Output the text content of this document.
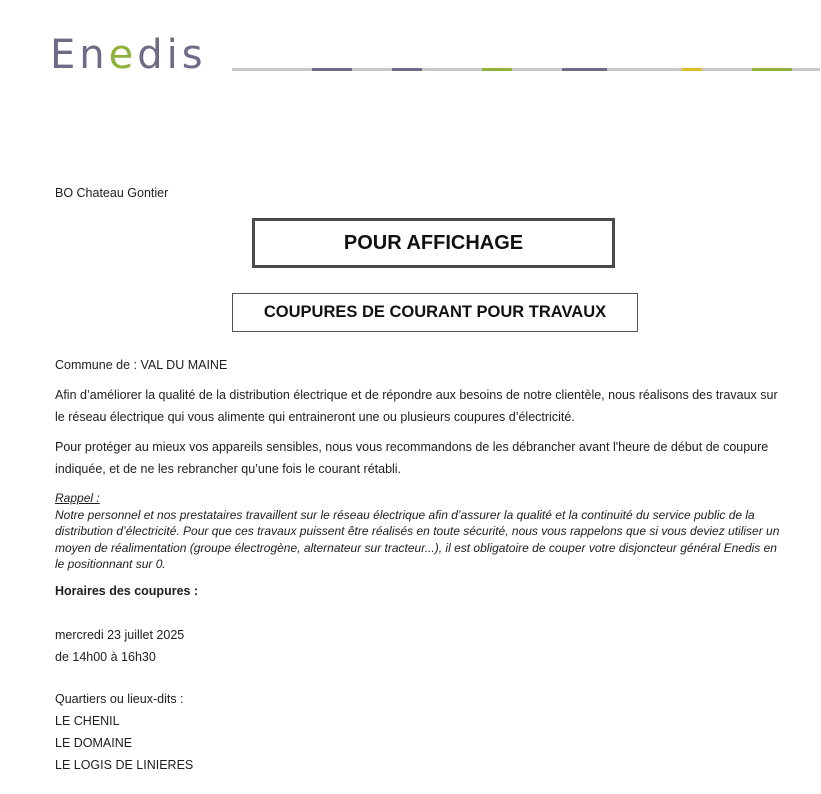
Enedis
BO Chateau Gontier
POUR AFFICHAGE
COUPURES DE COURANT POUR TRAVAUX
Commune de : VAL DU MAINE
Afin d’améliorer la qualité de la distribution électrique et de répondre aux besoins de notre clientèle, nous réalisons des travaux sur le réseau électrique qui vous alimente qui entraineront une ou plusieurs coupures d’électricité.
Pour protéger au mieux vos appareils sensibles, nous vous recommandons de les débrancher avant l'heure de début de coupure indiquée, et de ne les rebrancher qu’une fois le courant rétabli.
Rappel :
Notre personnel et nos prestataires travaillent sur le réseau électrique afin d’assurer la qualité et la continuité du service public de la distribution d’électricité. Pour que ces travaux puissent être réalisés en toute sécurité, nous vous rappelons que si vous deviez utiliser un moyen de réalimentation (groupe électrogène, alternateur sur tracteur...), il est obligatoire de couper votre disjoncteur général Enedis en le positionnant sur 0.
Horaires des coupures :
mercredi 23 juillet 2025
de 14h00 à 16h30
Quartiers ou lieux-dits :
LE CHENIL
LE DOMAINE
LE LOGIS DE LINIERES
